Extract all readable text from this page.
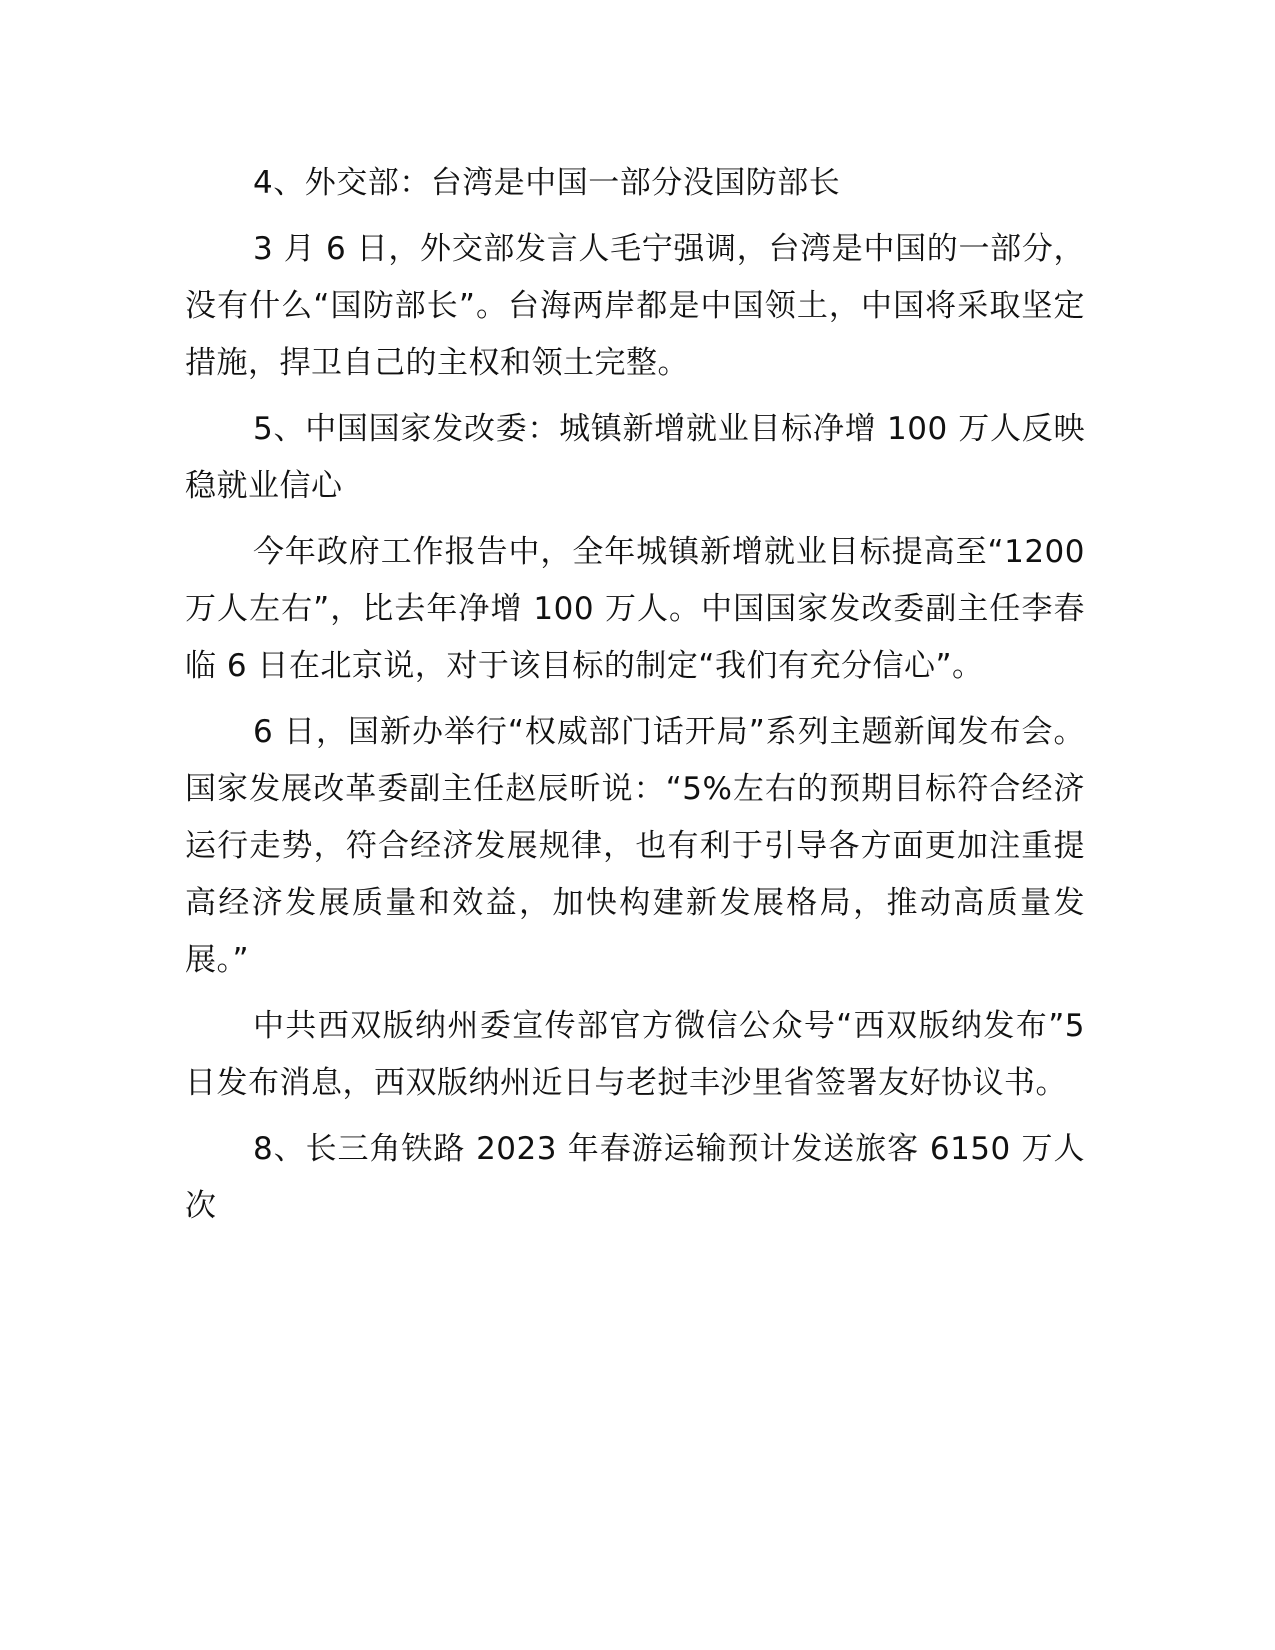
4、外交部：台湾是中国一部分没国防部长

3 月 6 日，外交部发言人毛宁强调，台湾是中国的一部分，没有什么“国防部长”。台海两岸都是中国领土，中国将采取坚定措施，捍卫自己的主权和领土完整。

5、中国国家发改委：城镇新增就业目标净增 100 万人反映稳就业信心

今年政府工作报告中，全年城镇新增就业目标提高至“1200 万人左右”，比去年净增 100 万人。中国国家发改委副主任李春临 6 日在北京说，对于该目标的制定“我们有充分信心”。

6 日，国新办举行“权威部门话开局”系列主题新闻发布会。国家发展改革委副主任赵辰昕说：“5%左右的预期目标符合经济运行走势，符合经济发展规律，也有利于引导各方面更加注重提高经济发展质量和效益，加快构建新发展格局，推动高质量发展。”

中共西双版纳州委宣传部官方微信公众号“西双版纳发布”5 日发布消息，西双版纳州近日与老挝丰沙里省签署友好协议书。

8、长三角铁路 2023 年春游运输预计发送旅客 6150 万人次
